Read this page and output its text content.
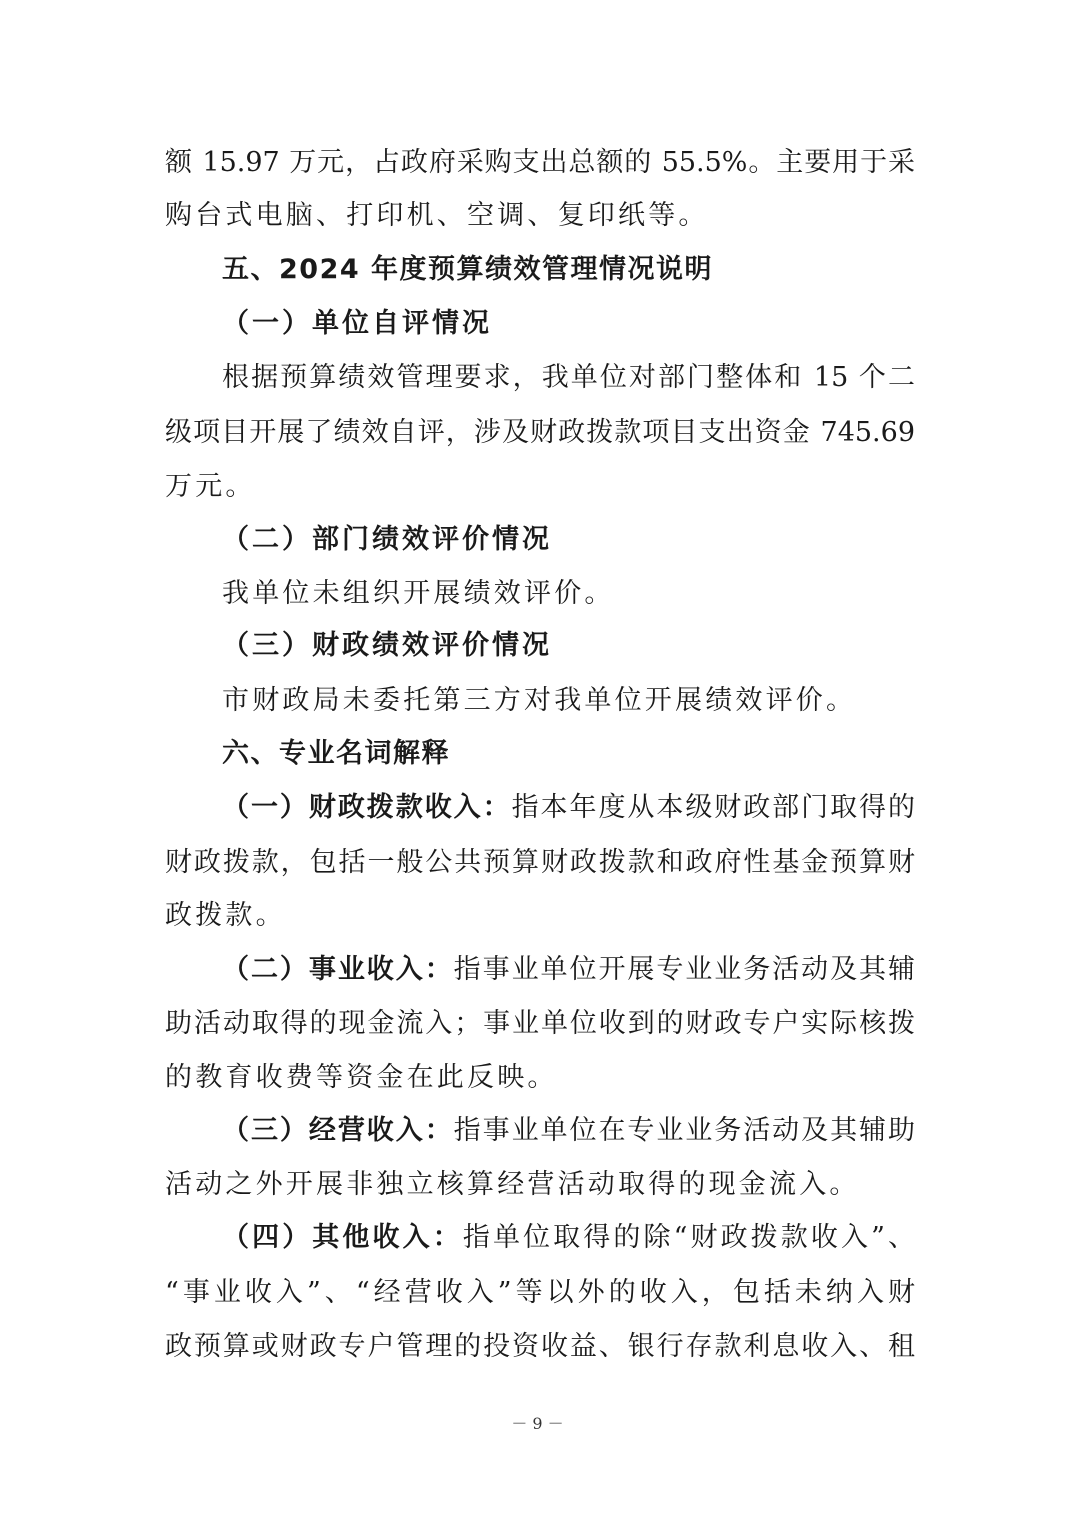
额 15.97 万元，占政府采购支出总额的 55.5%。主要用于采
购台式电脑、打印机、空调、复印纸等。
五、2024 年度预算绩效管理情况说明
（一）单位自评情况
根据预算绩效管理要求，我单位对部门整体和 15 个二
级项目开展了绩效自评，涉及财政拨款项目支出资金 745.69
万元。
（二）部门绩效评价情况
我单位未组织开展绩效评价。
（三）财政绩效评价情况
市财政局未委托第三方对我单位开展绩效评价。
六、专业名词解释
（一）财政拨款收入：指本年度从本级财政部门取得的
财政拨款，包括一般公共预算财政拨款和政府性基金预算财
政拨款。
（二）事业收入：指事业单位开展专业业务活动及其辅
助活动取得的现金流入；事业单位收到的财政专户实际核拨
的教育收费等资金在此反映。
（三）经营收入：指事业单位在专业业务活动及其辅助
活动之外开展非独立核算经营活动取得的现金流入。
（四）其他收入：指单位取得的除“财政拨款收入”、
“事业收入”、“经营收入”等以外的收入，包括未纳入财
政预算或财政专户管理的投资收益、银行存款利息收入、租
－ 9 －
